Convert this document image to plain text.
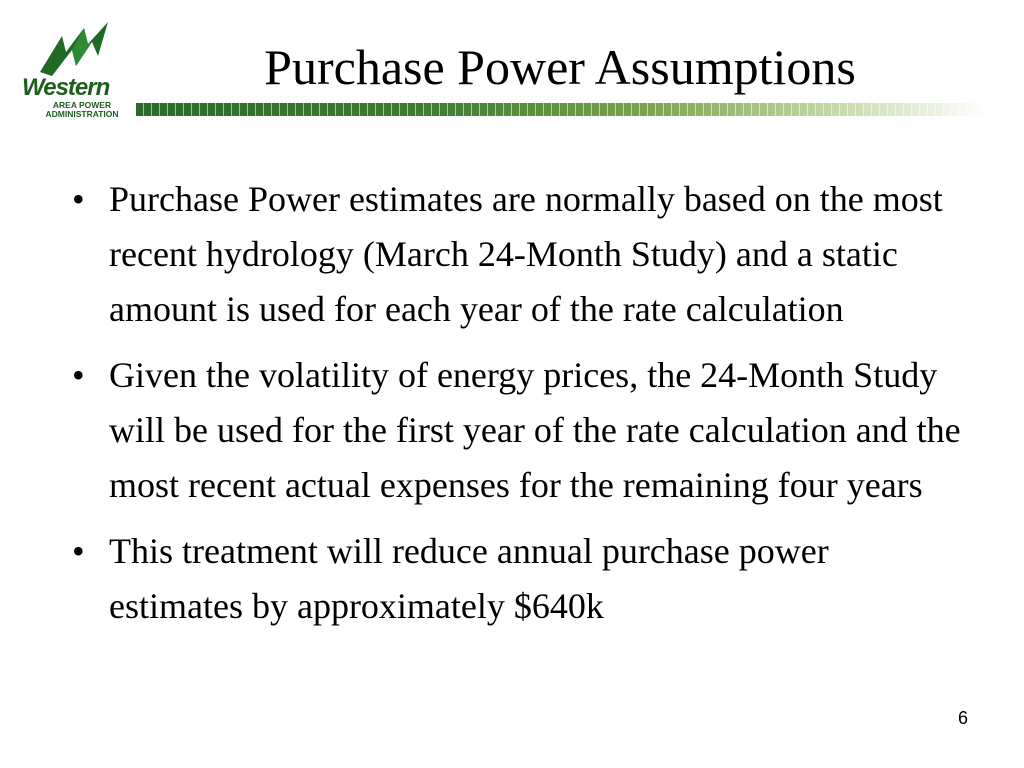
Western
AREA POWER
ADMINISTRATION
Purchase Power Assumptions
• Purchase Power estimates are normally based on the most recent hydrology (March 24-Month Study) and a static amount is used for each year of the rate calculation
• Given the volatility of energy prices, the 24-Month Study will be used for the first year of the rate calculation and the most recent actual expenses for the remaining four years
• This treatment will reduce annual purchase power estimates by approximately $640k
6
